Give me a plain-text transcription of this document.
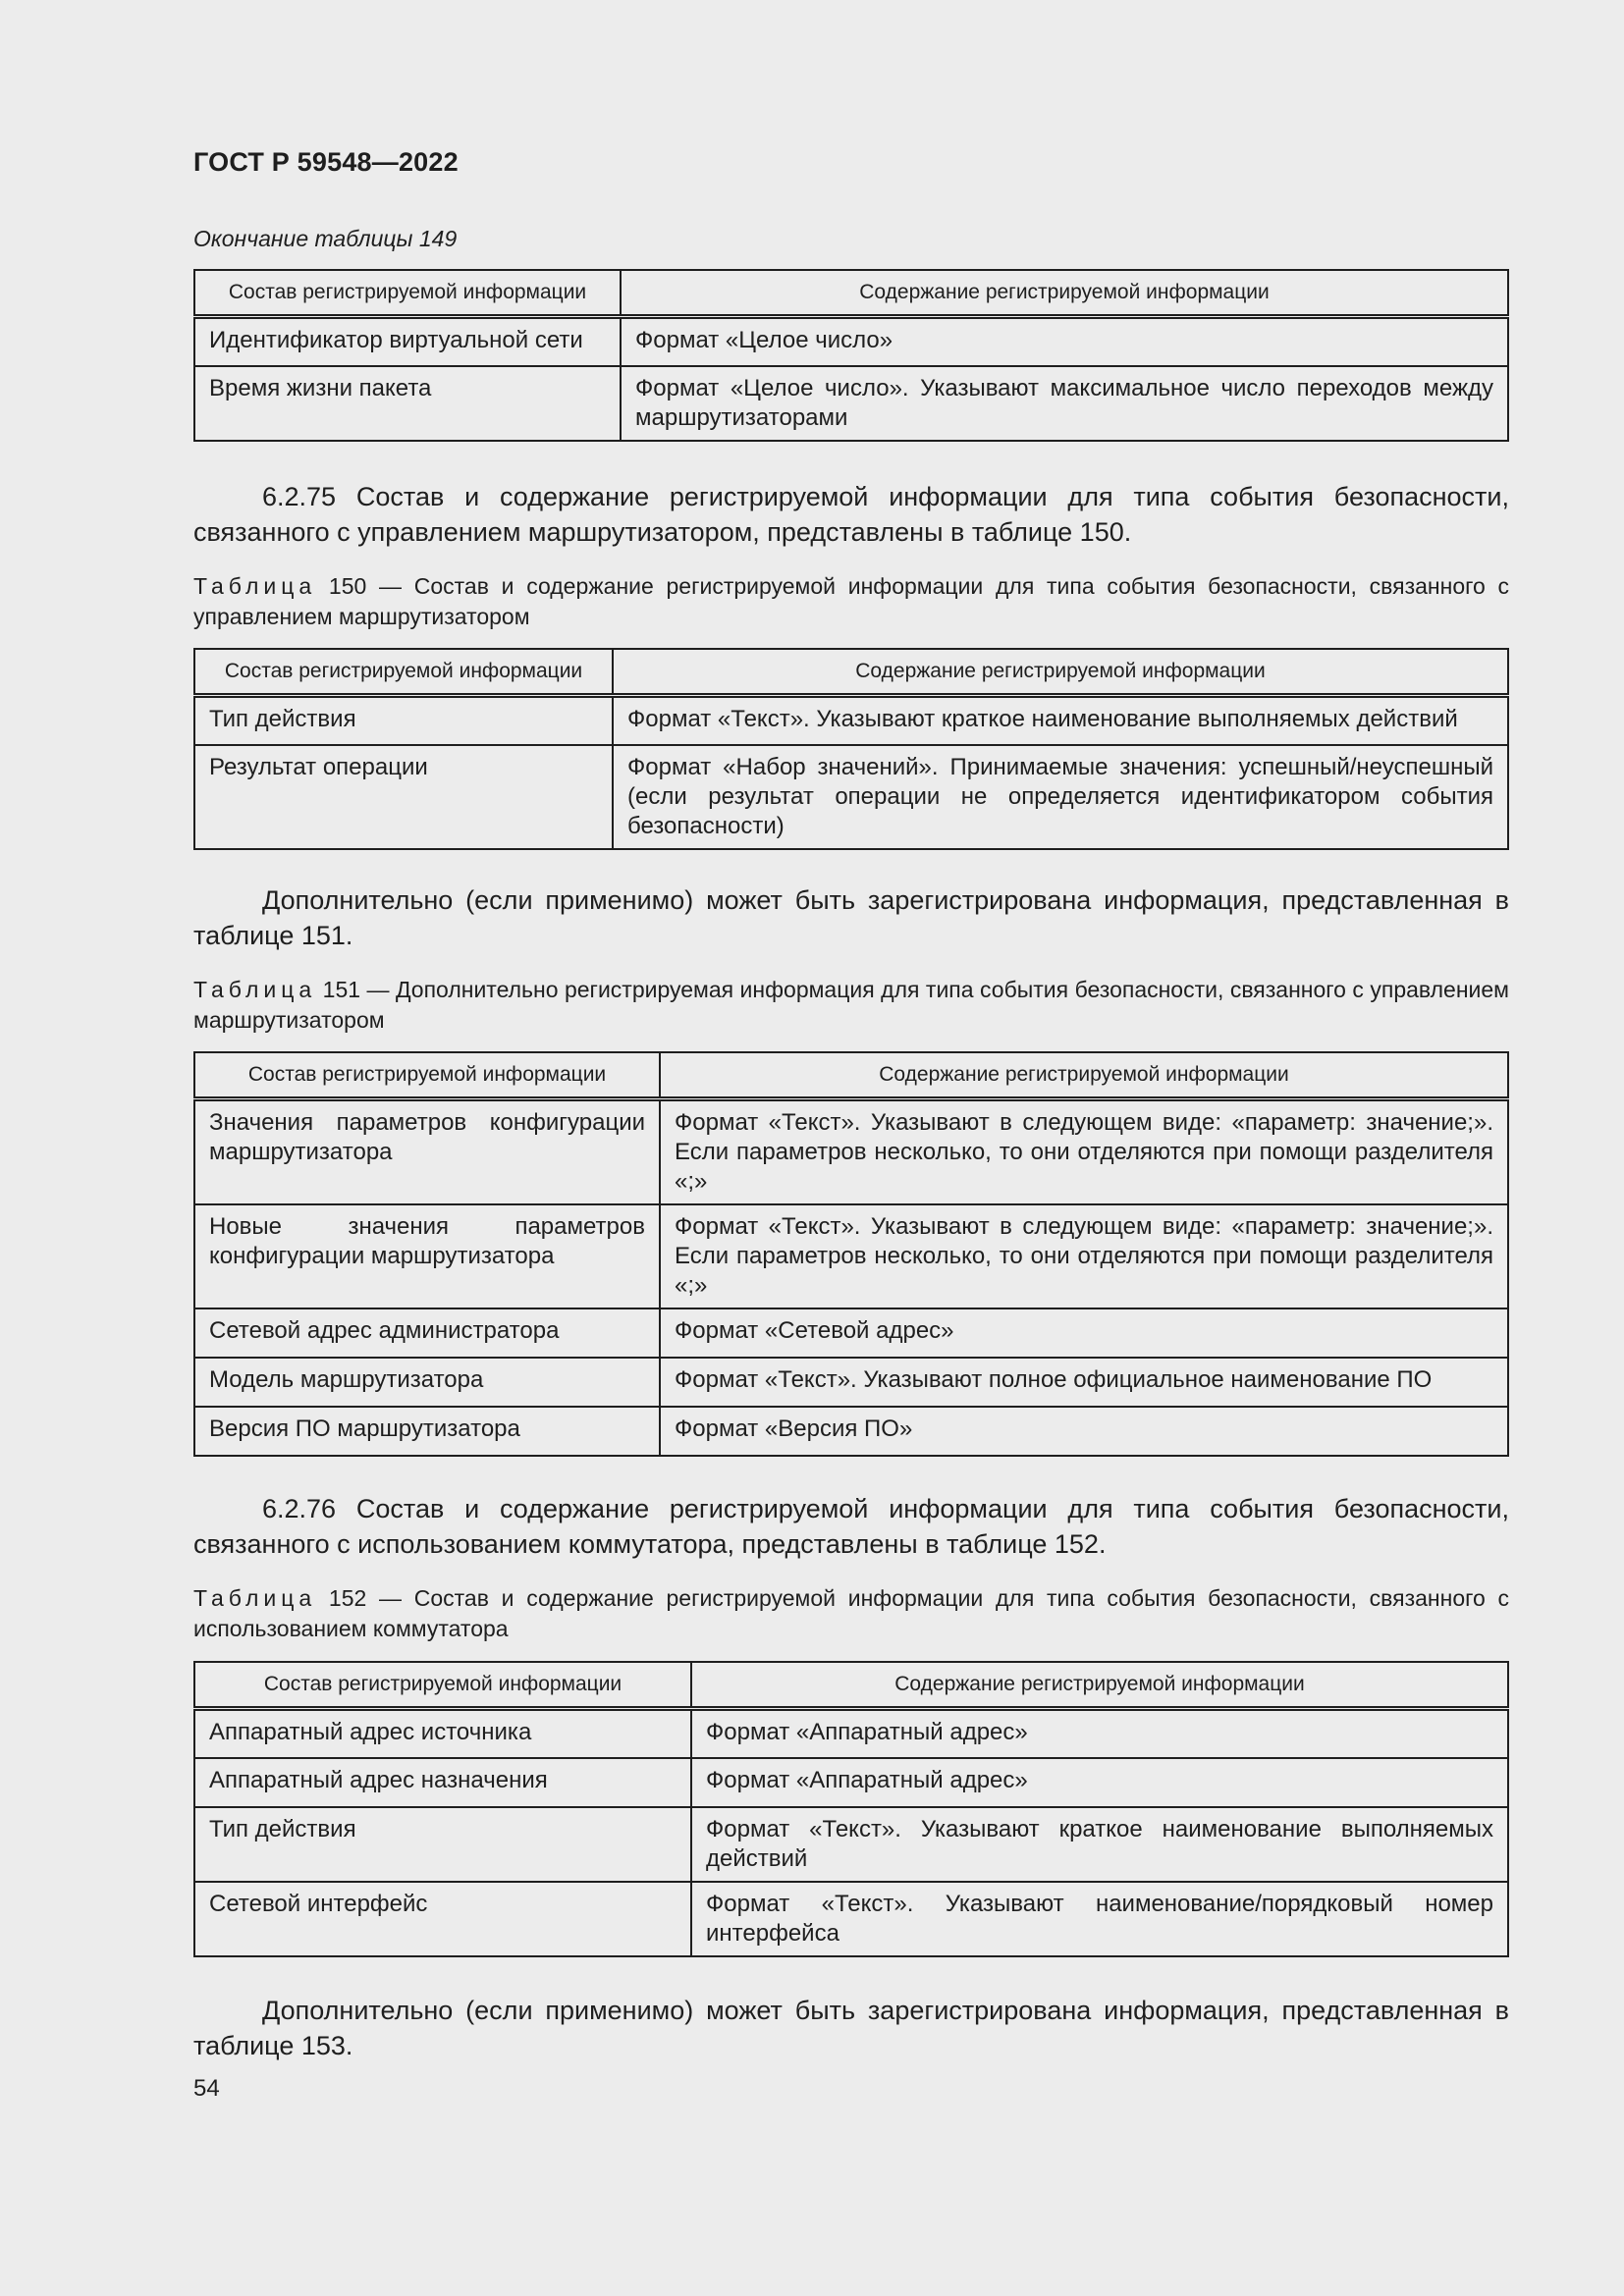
ГОСТ Р 59548—2022
Окончание таблицы 149
Состав регистрируемой информации	Содержание регистрируемой информации
Идентификатор виртуальной сети	Формат «Целое число»
Время жизни пакета	Формат «Целое число». Указывают максимальное число переходов между маршрутизаторами
6.2.75 Состав и содержание регистрируемой информации для типа события безопасности, связанного с управлением маршрутизатором, представлены в таблице 150.
Таблица 150 — Состав и содержание регистрируемой информации для типа события безопасности, связанного с управлением маршрутизатором
Состав регистрируемой информации	Содержание регистрируемой информации
Тип действия	Формат «Текст». Указывают краткое наименование выполняемых действий
Результат операции	Формат «Набор значений». Принимаемые значения: успешный/неуспешный (если результат операции не определяется идентификатором события безопасности)
Дополнительно (если применимо) может быть зарегистрирована информация, представленная в таблице 151.
Таблица 151 — Дополнительно регистрируемая информация для типа события безопасности, связанного с управлением маршрутизатором
Состав регистрируемой информации	Содержание регистрируемой информации
Значения параметров конфигурации маршрутизатора	Формат «Текст». Указывают в следующем виде: «параметр: значение;». Если параметров несколько, то они отделяются при помощи разделителя «;»
Новые значения параметров конфигурации маршрутизатора	Формат «Текст». Указывают в следующем виде: «параметр: значение;». Если параметров несколько, то они отделяются при помощи разделителя «;»
Сетевой адрес администратора	Формат «Сетевой адрес»
Модель маршрутизатора	Формат «Текст». Указывают полное официальное наименование ПО
Версия ПО маршрутизатора	Формат «Версия ПО»
6.2.76 Состав и содержание регистрируемой информации для типа события безопасности, связанного с использованием коммутатора, представлены в таблице 152.
Таблица 152 — Состав и содержание регистрируемой информации для типа события безопасности, связанного с использованием коммутатора
Состав регистрируемой информации	Содержание регистрируемой информации
Аппаратный адрес источника	Формат «Аппаратный адрес»
Аппаратный адрес назначения	Формат «Аппаратный адрес»
Тип действия	Формат «Текст». Указывают краткое наименование выполняемых действий
Сетевой интерфейс	Формат «Текст». Указывают наименование/порядковый номер интерфейса
Дополнительно (если применимо) может быть зарегистрирована информация, представленная в таблице 153.
54
